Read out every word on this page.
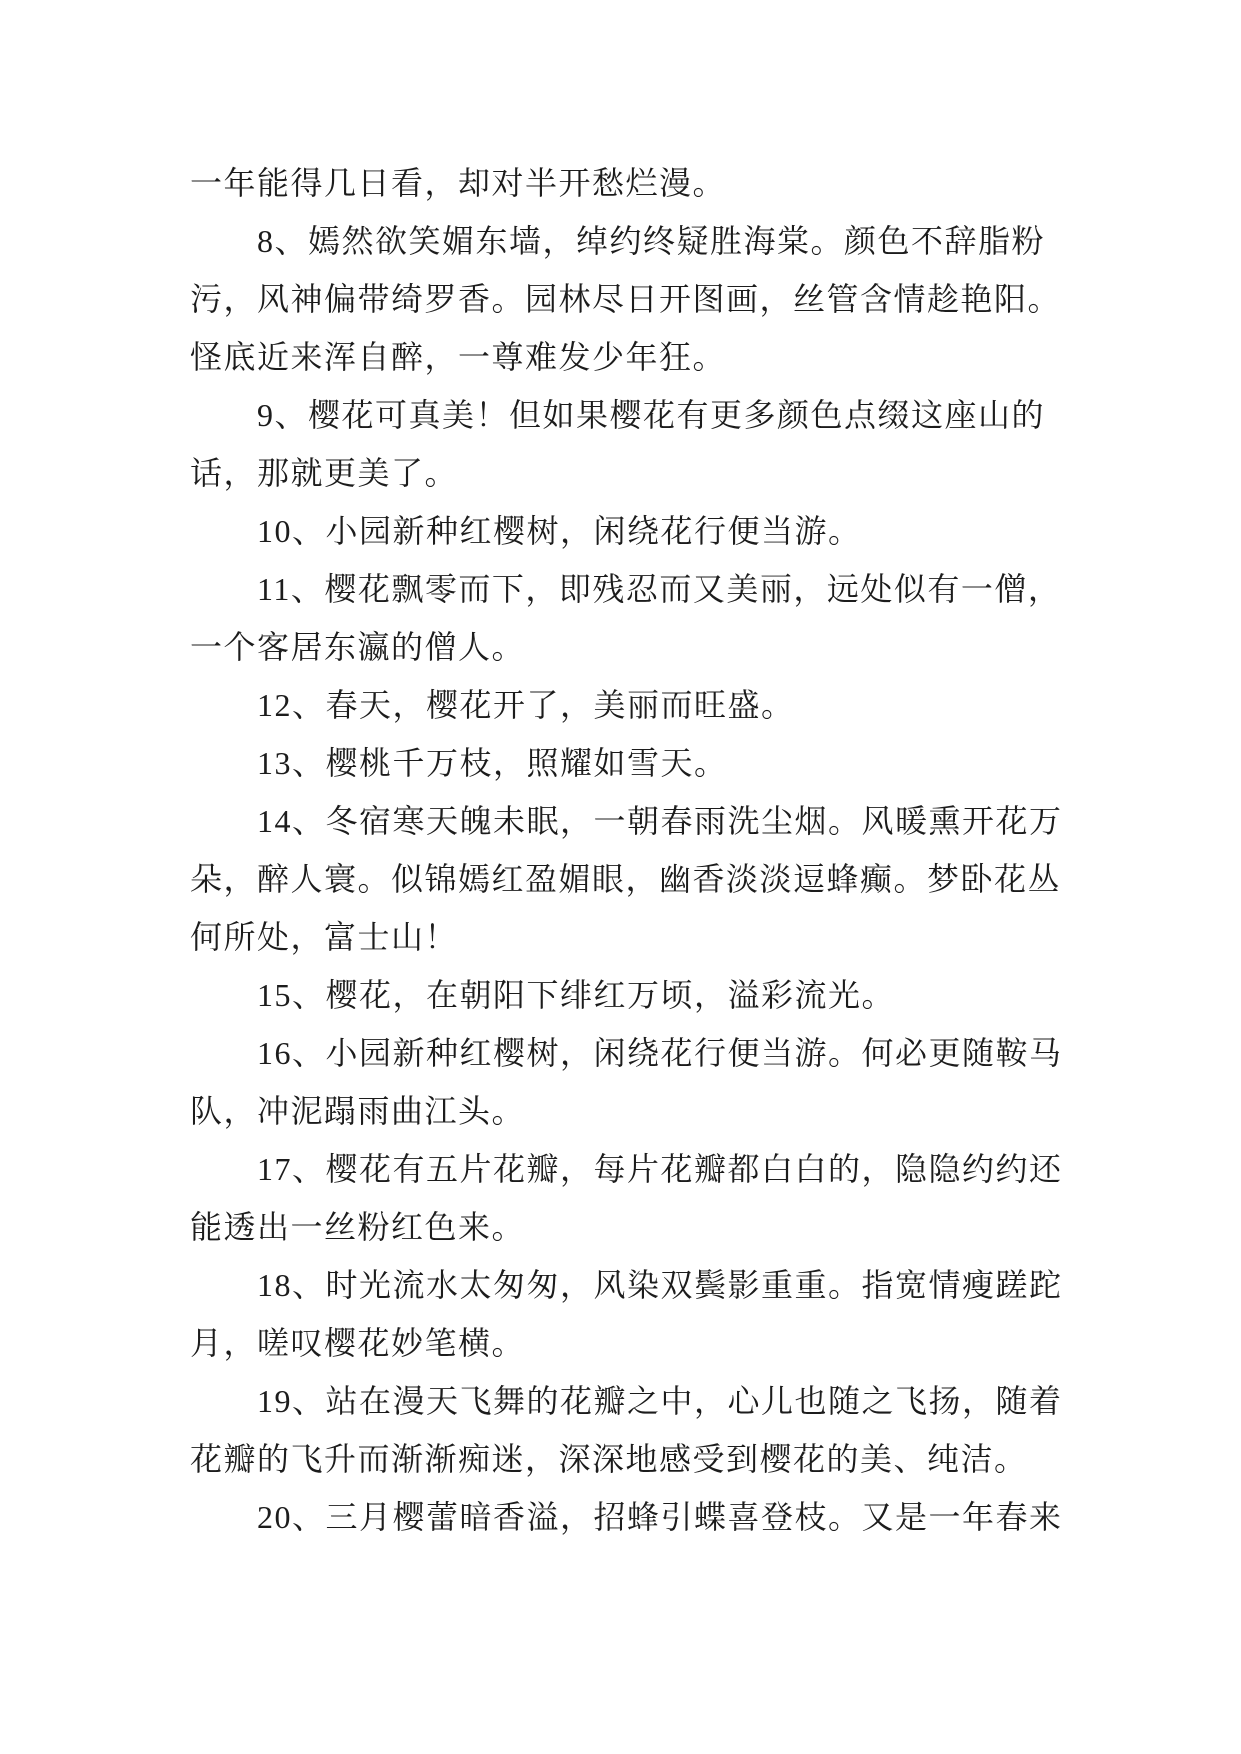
一年能得几日看，却对半开愁烂漫。
8、嫣然欲笑媚东墙，绰约终疑胜海棠。颜色不辞脂粉
污，风神偏带绮罗香。园林尽日开图画，丝管含情趁艳阳。
怪底近来浑自醉，一尊难发少年狂。
9、樱花可真美！但如果樱花有更多颜色点缀这座山的
话，那就更美了。
10、小园新种红樱树，闲绕花行便当游。
11、樱花飘零而下，即残忍而又美丽，远处似有一僧，
一个客居东瀛的僧人。
12、春天，樱花开了，美丽而旺盛。
13、樱桃千万枝，照耀如雪天。
14、冬宿寒天魄未眠，一朝春雨洗尘烟。风暖熏开花万
朵，醉人寰。似锦嫣红盈媚眼，幽香淡淡逗蜂癫。梦卧花丛
何所处，富士山！
15、樱花，在朝阳下绯红万顷，溢彩流光。
16、小园新种红樱树，闲绕花行便当游。何必更随鞍马
队，冲泥蹋雨曲江头。
17、樱花有五片花瓣，每片花瓣都白白的，隐隐约约还
能透出一丝粉红色来。
18、时光流水太匆匆，风染双鬓影重重。指宽情瘦蹉跎
月，嗟叹樱花妙笔横。
19、站在漫天飞舞的花瓣之中，心儿也随之飞扬，随着
花瓣的飞升而渐渐痴迷，深深地感受到樱花的美、纯洁。
20、三月樱蕾暗香溢，招蜂引蝶喜登枝。又是一年春来
